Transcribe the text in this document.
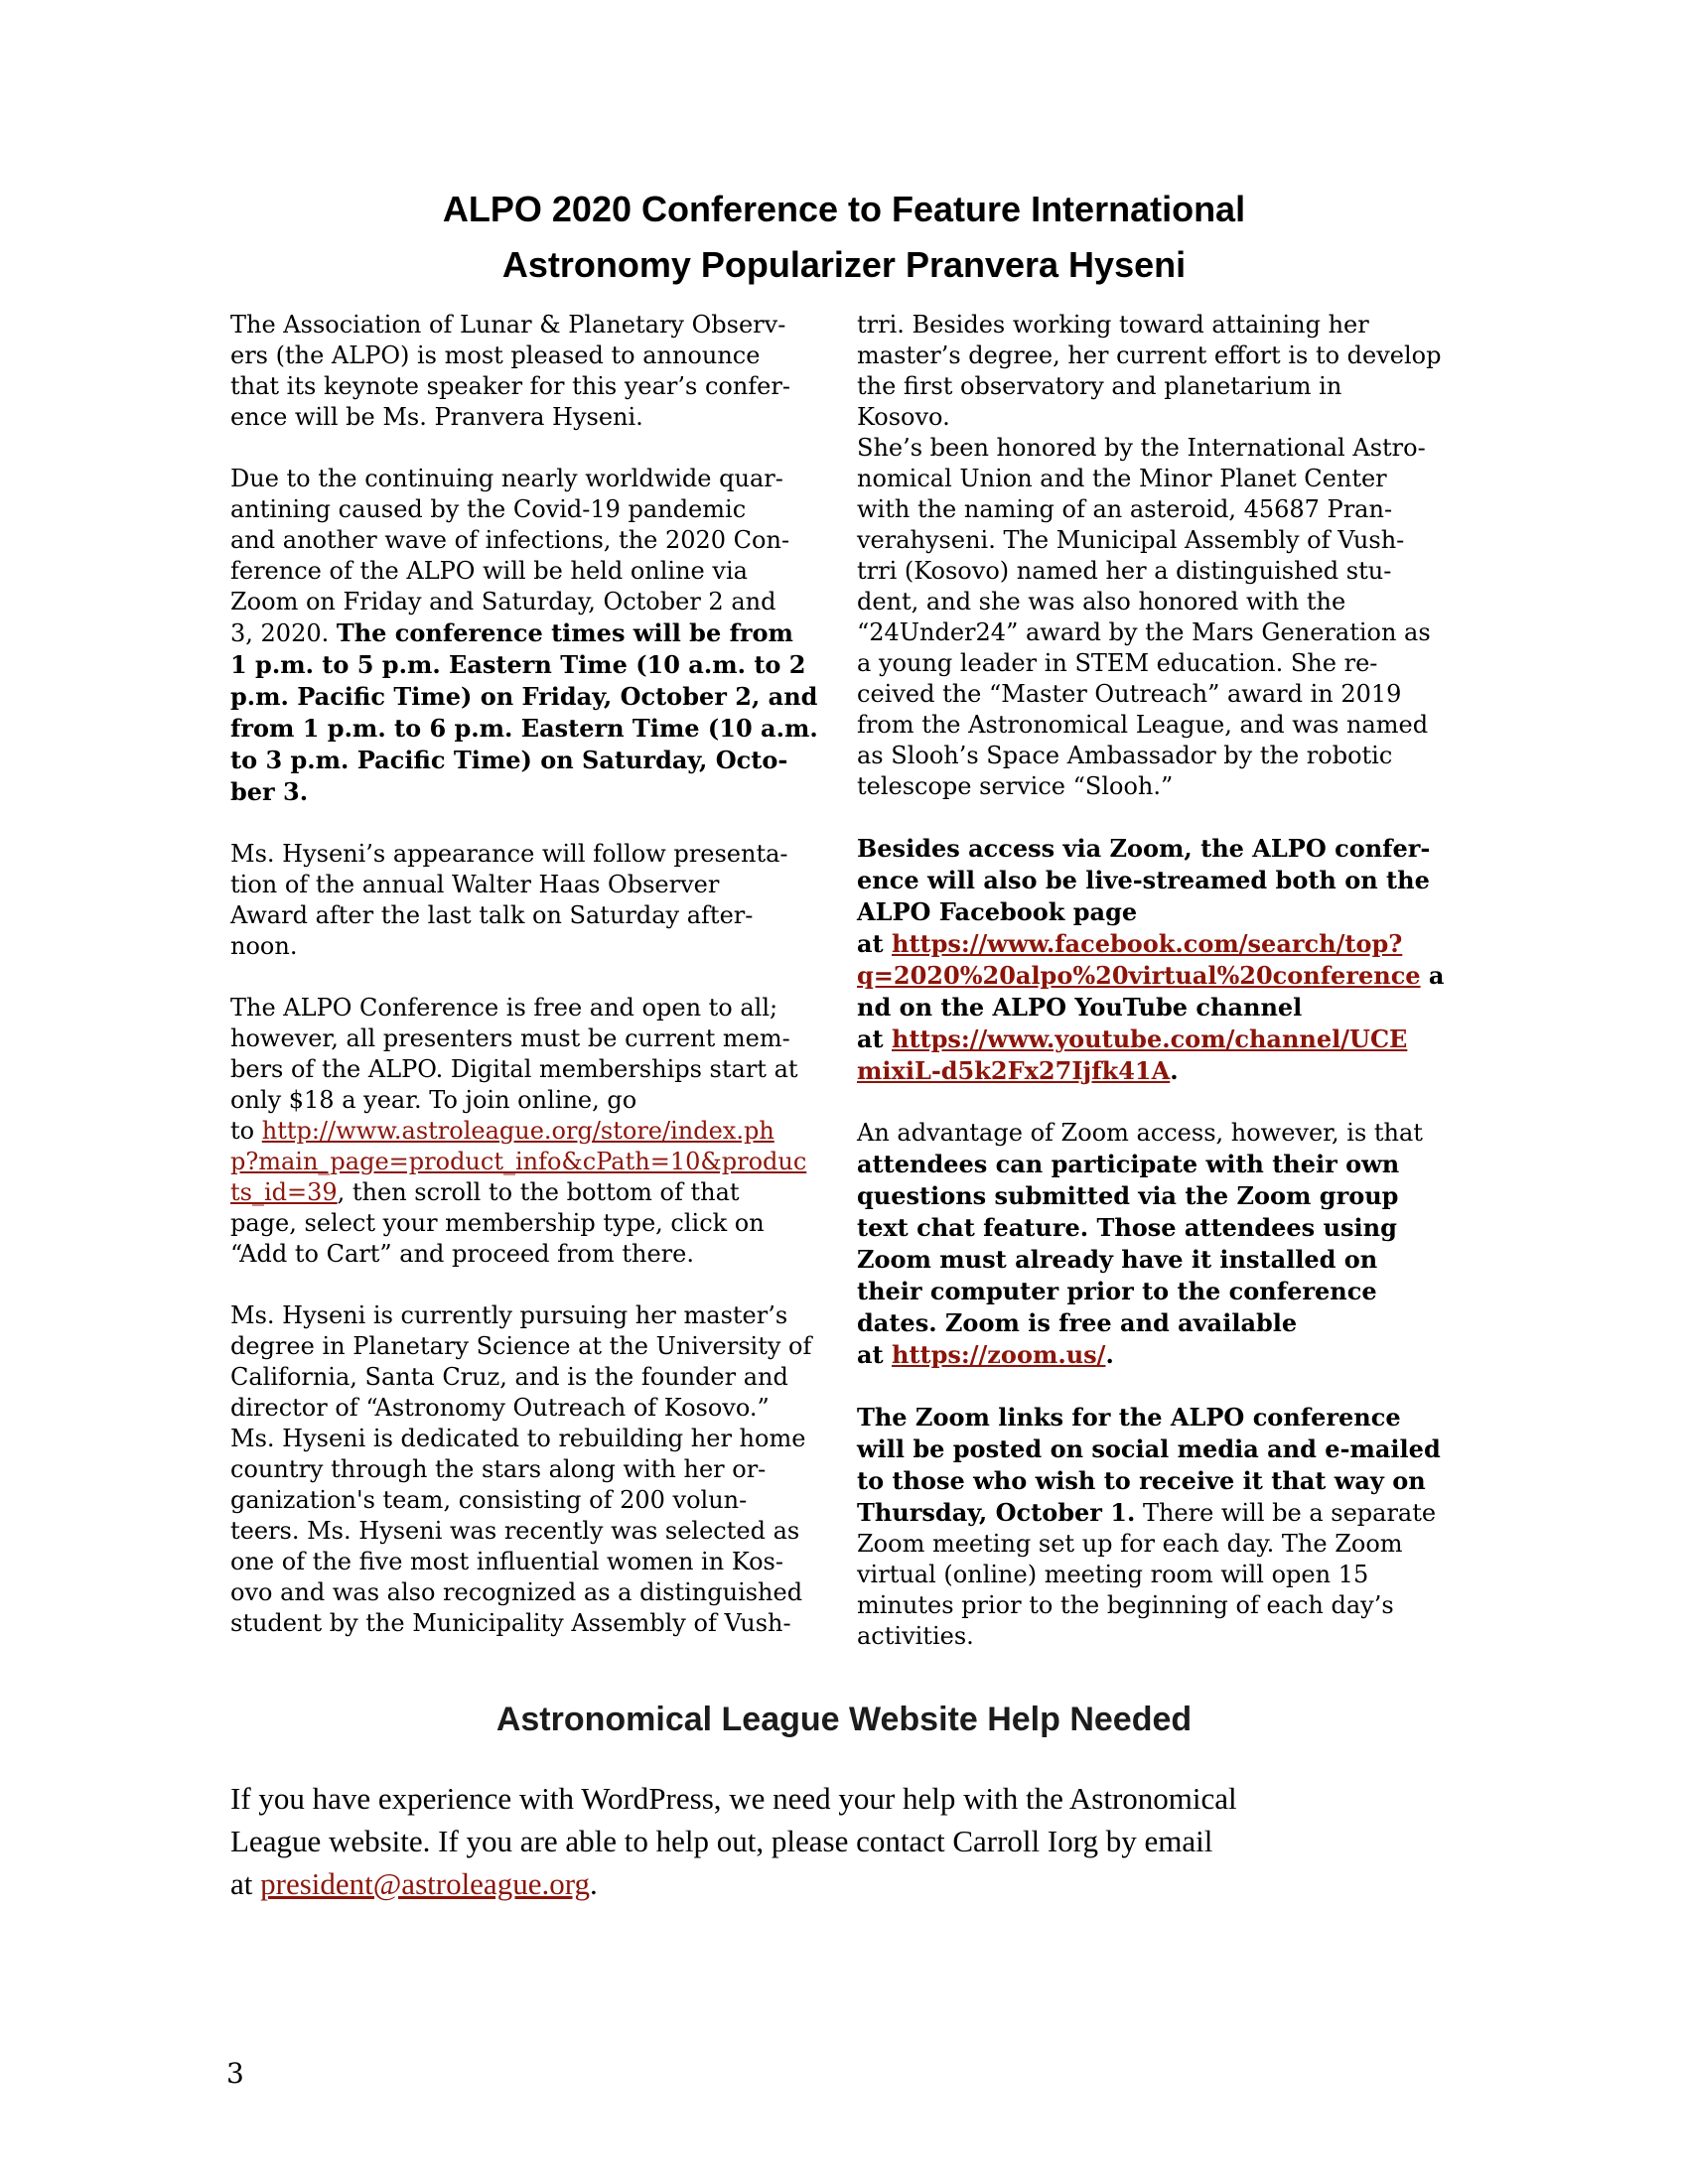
ALPO 2020 Conference to Feature International
Astronomy Popularizer Pranvera Hyseni
The Association of Lunar & Planetary Observ-
ers (the ALPO) is most pleased to announce
that its keynote speaker for this year’s confer-
ence will be Ms. Pranvera Hyseni.
Due to the continuing nearly worldwide quar-
antining caused by the Covid-19 pandemic
and another wave of infections, the 2020 Con-
ference of the ALPO will be held online via
Zoom on Friday and Saturday, October 2 and
3, 2020. The conference times will be from
1 p.m. to 5 p.m. Eastern Time (10 a.m. to 2
p.m. Pacific Time) on Friday, October 2, and
from 1 p.m. to 6 p.m. Eastern Time (10 a.m.
to 3 p.m. Pacific Time) on Saturday, Octo-
ber 3.
Ms. Hyseni’s appearance will follow presenta-
tion of the annual Walter Haas Observer
Award after the last talk on Saturday after-
noon.
The ALPO Conference is free and open to all;
however, all presenters must be current mem-
bers of the ALPO. Digital memberships start at
only $18 a year. To join online, go
to http://www.astroleague.org/store/index.ph
p?main_page=product_info&cPath=10&produc
ts_id=39, then scroll to the bottom of that
page, select your membership type, click on
“Add to Cart” and proceed from there.
Ms. Hyseni is currently pursuing her master’s
degree in Planetary Science at the University of
California, Santa Cruz, and is the founder and
director of “Astronomy Outreach of Kosovo.”
Ms. Hyseni is dedicated to rebuilding her home
country through the stars along with her or-
ganization's team, consisting of 200 volun-
teers. Ms. Hyseni was recently was selected as
one of the five most influential women in Kos-
ovo and was also recognized as a distinguished
student by the Municipality Assembly of Vush-
trri. Besides working toward attaining her
master’s degree, her current effort is to develop
the first observatory and planetarium in
Kosovo.
She’s been honored by the International Astro-
nomical Union and the Minor Planet Center
with the naming of an asteroid, 45687 Pran-
verahyseni. The Municipal Assembly of Vush-
trri (Kosovo) named her a distinguished stu-
dent, and she was also honored with the
“24Under24” award by the Mars Generation as
a young leader in STEM education. She re-
ceived the “Master Outreach” award in 2019
from the Astronomical League, and was named
as Slooh’s Space Ambassador by the robotic
telescope service “Slooh.”
Besides access via Zoom, the ALPO confer-
ence will also be live-streamed both on the
ALPO Facebook page
at https://www.facebook.com/search/top?
q=2020%20alpo%20virtual%20conference a
nd on the ALPO YouTube channel
at https://www.youtube.com/channel/UCE
mixiL-d5k2Fx27Ijfk41A.
An advantage of Zoom access, however, is that
attendees can participate with their own
questions submitted via the Zoom group
text chat feature. Those attendees using
Zoom must already have it installed on
their computer prior to the conference
dates. Zoom is free and available
at https://zoom.us/.
The Zoom links for the ALPO conference
will be posted on social media and e-mailed
to those who wish to receive it that way on
Thursday, October 1. There will be a separate
Zoom meeting set up for each day. The Zoom
virtual (online) meeting room will open 15
minutes prior to the beginning of each day’s
activities.
Astronomical League Website Help Needed
If you have experience with WordPress, we need your help with the Astronomical
League website. If you are able to help out, please contact Carroll Iorg by email
at president@astroleague.org.
3
